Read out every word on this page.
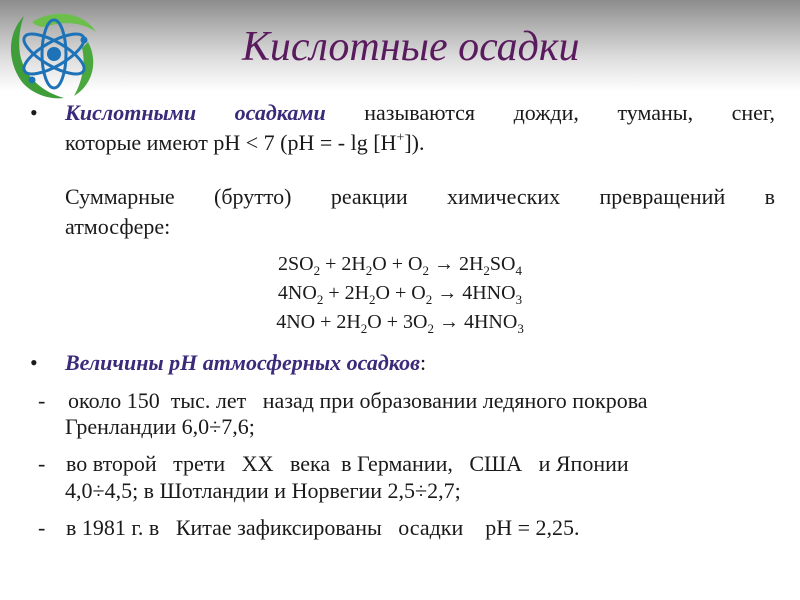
Кислотные осадки
• Кислотными осадками называются дожди, туманы, снег,
которые имеют рН < 7 (рН = - lg [H+]).
Суммарные (брутто) реакции химических превращений в
атмосфере:
$2SO_2 + 2H_2O + O_2 \to 2H_2SO_4$
$4NO_2 + 2H_2O + O_2 \to 4HNO_3$
$4NO + 2H_2O + 3O_2 \to 4HNO_3$
• Величины рН атмосферных осадков:
- около 150  тыс. лет   назад при образовании ледяного покрова
Гренландии 6,0÷7,6;
- во второй   трети   XX   века  в Германии,   США   и Японии
4,0÷4,5; в Шотландии и Норвегии 2,5÷2,7;
- в 1981 г. в   Китае зафиксированы   осадки    рН = 2,25.
